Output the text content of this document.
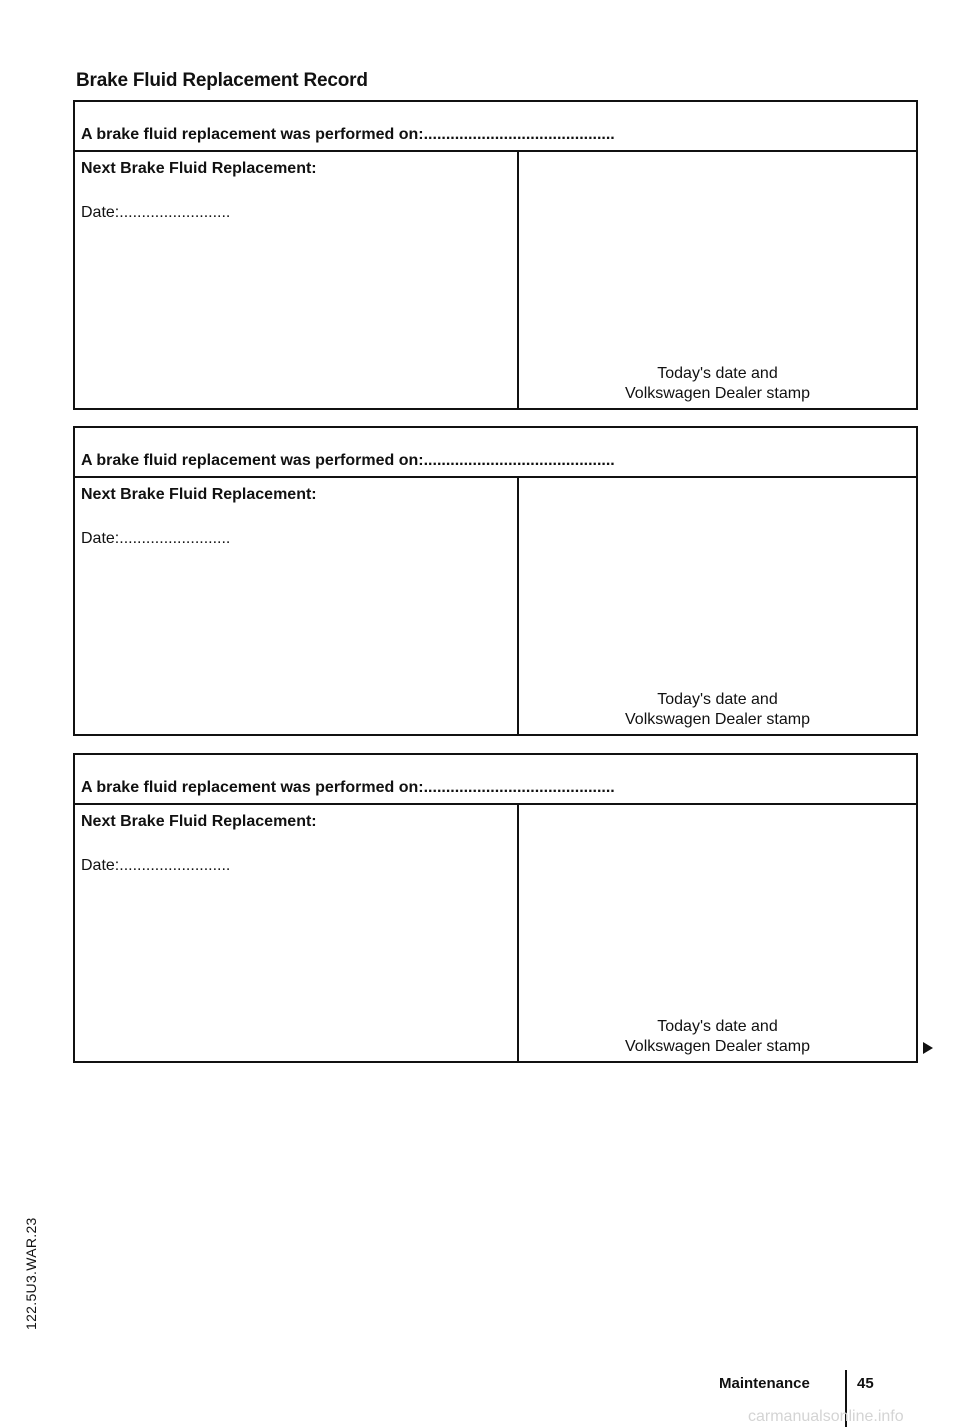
Brake Fluid Replacement Record
A brake fluid replacement was performed on:...........................................
Next Brake Fluid Replacement:
Date:.........................
Today's date and
Volkswagen Dealer stamp
A brake fluid replacement was performed on:...........................................
Next Brake Fluid Replacement:
Date:.........................
Today's date and
Volkswagen Dealer stamp
A brake fluid replacement was performed on:...........................................
Next Brake Fluid Replacement:
Date:.........................
Today's date and
Volkswagen Dealer stamp
122.5U3.WAR.23
Maintenance	45
carmanualsonline.info
